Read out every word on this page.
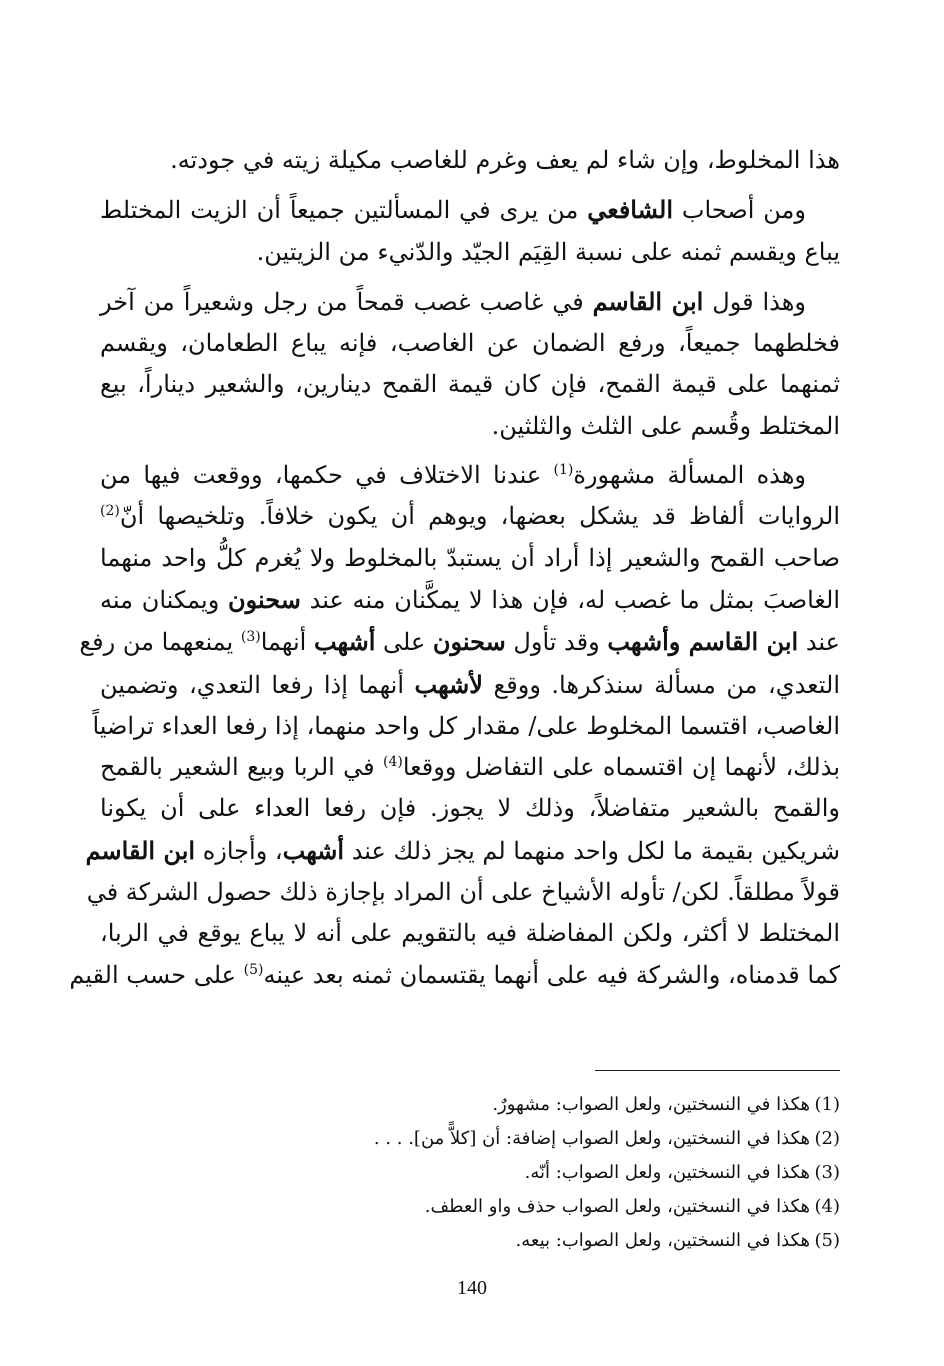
هذا المخلوط، وإن شاء لم يعف وغرم للغاصب مكيلة زيته في جودته.
ومن أصحاب الشافعي من يرى في المسألتين جميعاً أن الزيت المختلط
يباع ويقسم ثمنه على نسبة القِيَم الجيّد والدّنيء من الزيتين.
وهذا قول ابن القاسم في غاصب غصب قمحاً من رجل وشعيراً من آخر
فخلطهما جميعاً، ورفع الضمان عن الغاصب، فإنه يباع الطعامان، ويقسم
ثمنهما على قيمة القمح، فإن كان قيمة القمح دينارين، والشعير ديناراً، بيع
المختلط وقُسم على الثلث والثلثين.
وهذه المسألة مشهورة$^{(1)}$ عندنا الاختلاف في حكمها، ووقعت فيها من
الروايات ألفاظ قد يشكل بعضها، ويوهم أن يكون خلافاً. وتلخيصها أنّ$^{(2)}$
صاحب القمح والشعير إذا أراد أن يستبدّ بالمخلوط ولا يُغرم كلُّ واحد منهما
الغاصبَ بمثل ما غصب له، فإن هذا لا يمكَّنان منه عند سحنون ويمكنان منه
عند ابن القاسم وأشهب وقد تأول سحنون على أشهب أنهما$^{(3)}$ يمنعهما من رفع
التعدي، من مسألة سنذكرها. ووقع لأشهب أنهما إذا رفعا التعدي، وتضمين
الغاصب، اقتسما المخلوط على/ مقدار كل واحد منهما، إذا رفعا العداء تراضياً
بذلك، لأنهما إن اقتسماه على التفاضل ووقعا$^{(4)}$ في الربا وبيع الشعير بالقمح
والقمح بالشعير متفاضلاً، وذلك لا يجوز. فإن رفعا العداء على أن يكونا
شريكين بقيمة ما لكل واحد منهما لم يجز ذلك عند أشهب، وأجازه ابن القاسم
قولاً مطلقاً. لكن/ تأوله الأشياخ على أن المراد بإجازة ذلك حصول الشركة في
المختلط لا أكثر، ولكن المفاضلة فيه بالتقويم على أنه لا يباع يوقع في الربا،
كما قدمناه، والشركة فيه على أنهما يقتسمان ثمنه بعد عينه$^{(5)}$ على حسب القيم
(1)هكذا في النسختين، ولعل الصواب: مشهورٌ.
(2)هكذا في النسختين، ولعل الصواب إضافة: أن [كلاًّ من]. . . .
(3)هكذا في النسختين، ولعل الصواب: أنّه.
(4)هكذا في النسختين، ولعل الصواب حذف واو العطف.
(5)هكذا في النسختين، ولعل الصواب: بيعه.
140
